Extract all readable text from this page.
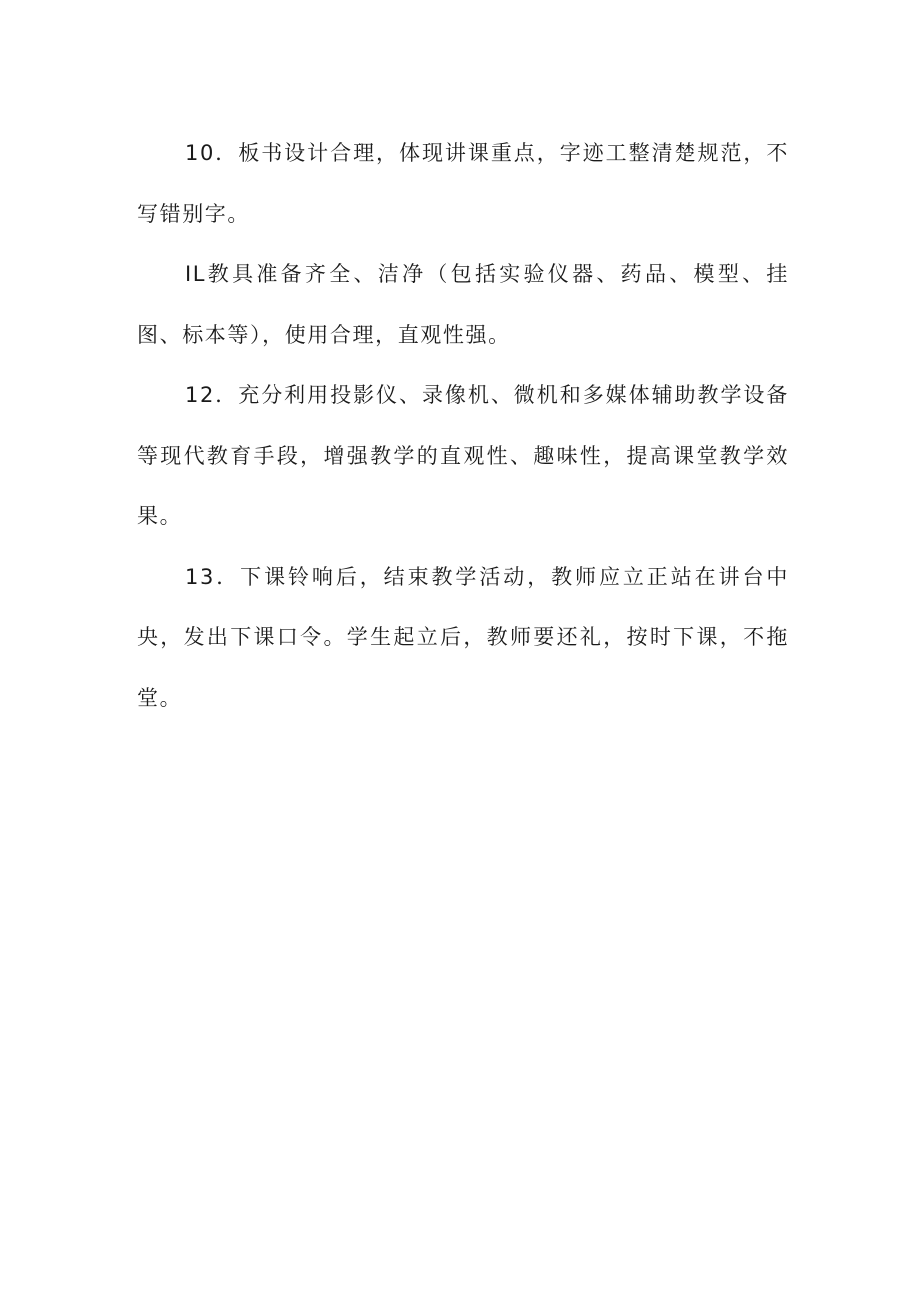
10．板书设计合理，体现讲课重点，字迹工整清楚规范，不写错别字。

IL教具准备齐全、洁净（包括实验仪器、药品、模型、挂图、标本等），使用合理，直观性强。

12．充分利用投影仪、录像机、微机和多媒体辅助教学设备等现代教育手段，增强教学的直观性、趣味性，提高课堂教学效果。

13．下课铃响后，结束教学活动，教师应立正站在讲台中央，发出下课口令。学生起立后，教师要还礼，按时下课，不拖堂。
